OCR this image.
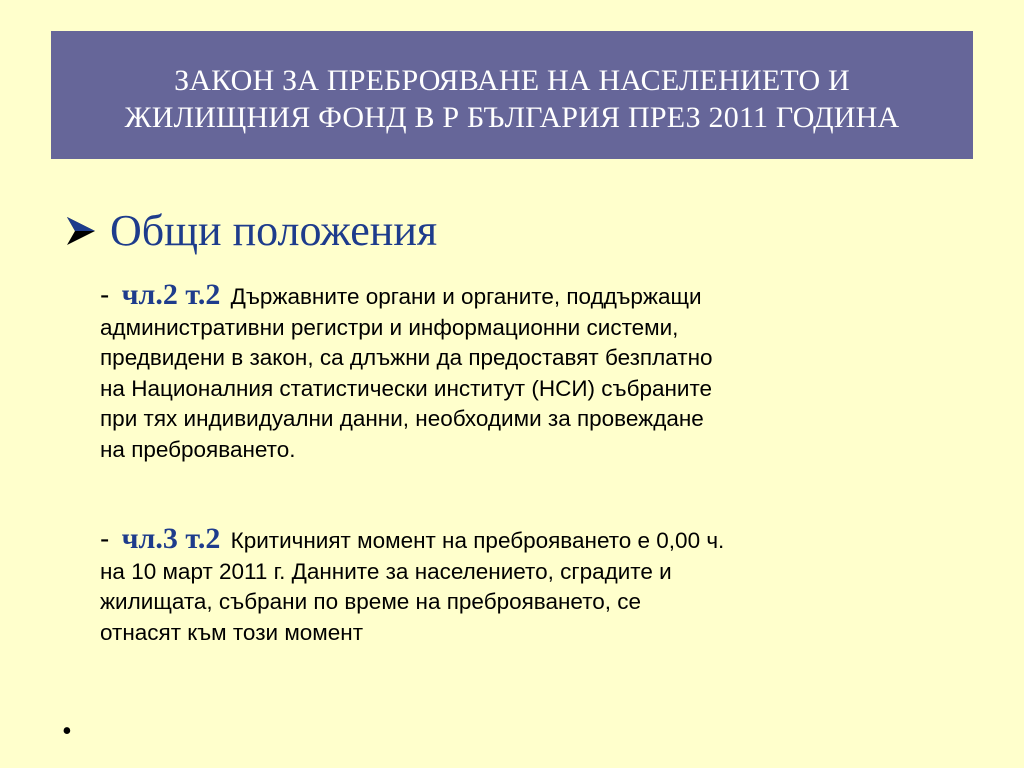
ЗАКОН ЗА ПРЕБРОЯВАНЕ НА НАСЕЛЕНИЕТО И
ЖИЛИЩНИЯ ФОНД В Р БЪЛГАРИЯ ПРЕЗ 2011 ГОДИНА
Общи положения
- чл.2 т.2 Държавните органи и органите, поддържащи
административни регистри и информационни системи,
предвидени в закон, са длъжни да предоставят безплатно
на Националния статистически институт (НСИ) събраните
при тях индивидуални данни, необходими за провеждане
на преброяването.
- чл.3 т.2 Критичният момент на преброяването е 0,00 ч.
на 10 март 2011 г. Данните за населението, сградите и
жилищата, събрани по време на преброяването, се
отнасят към този момент
•
